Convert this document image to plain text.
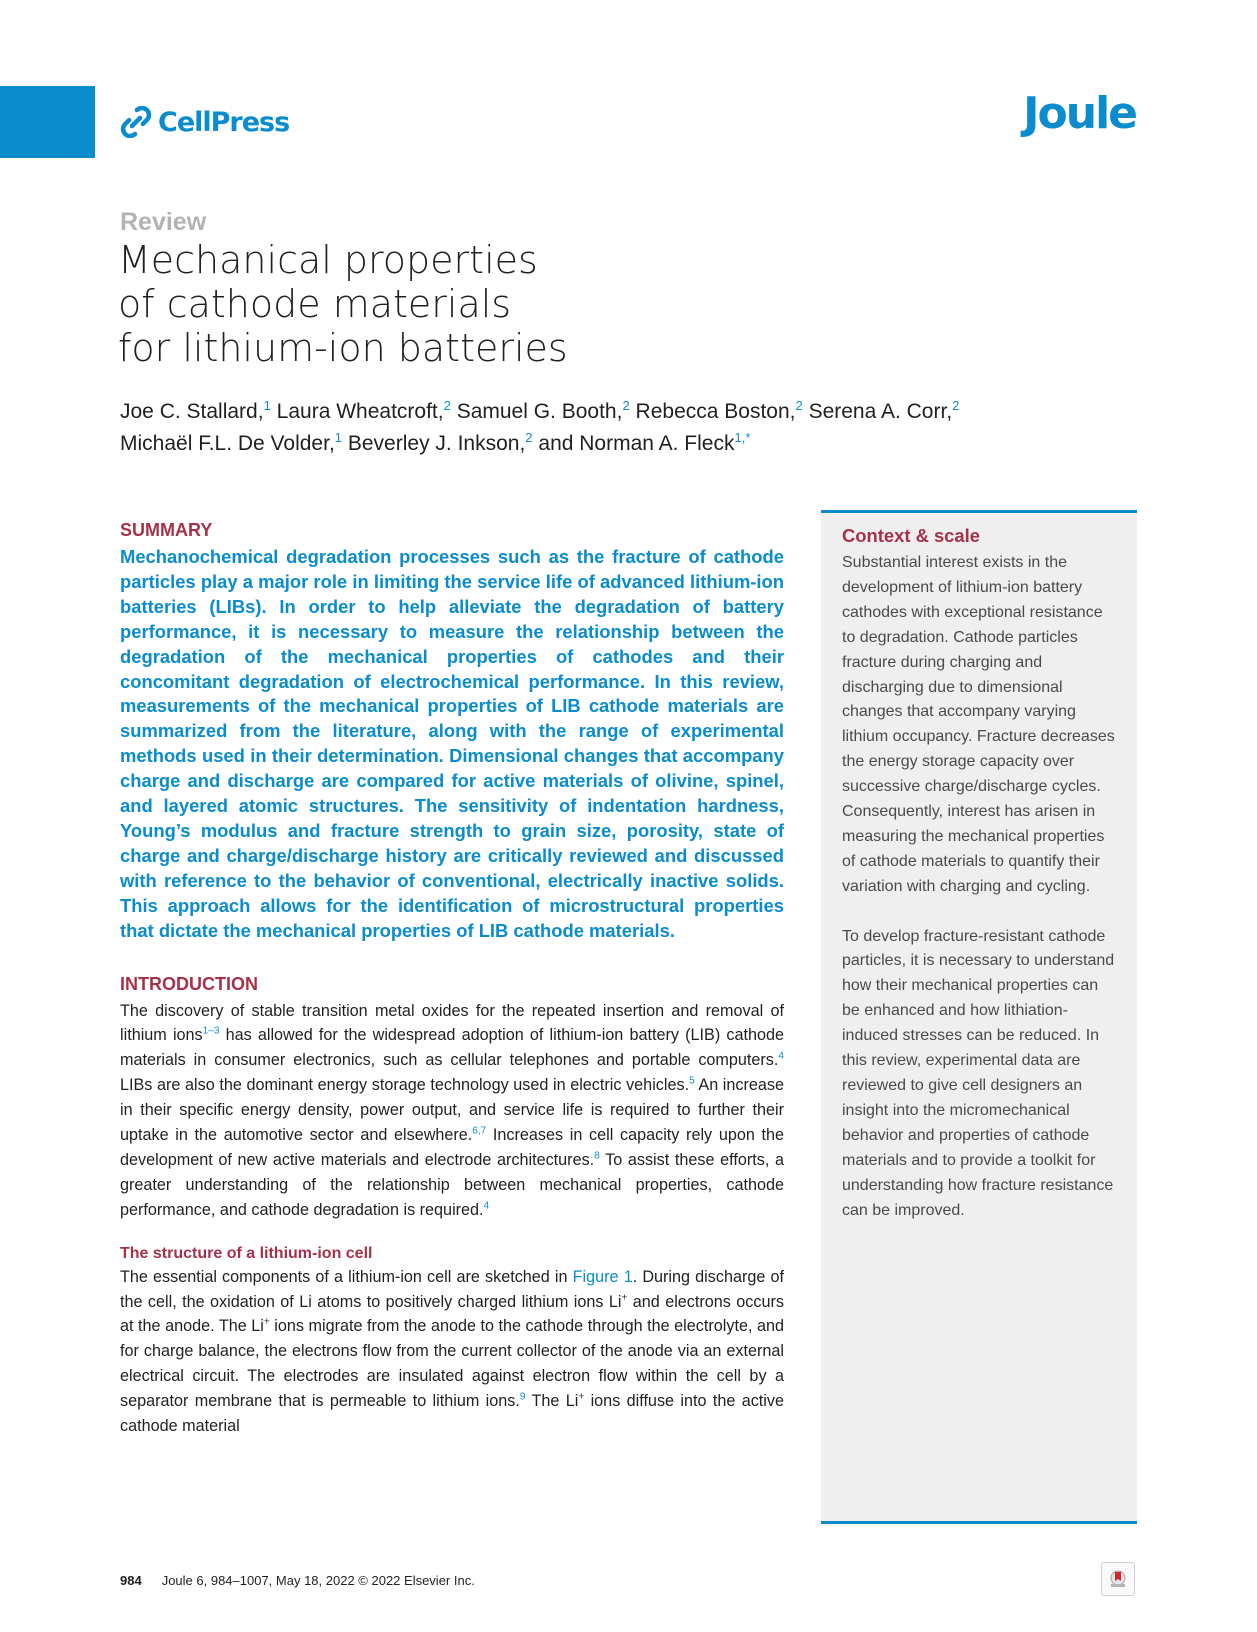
CellPress	Joule
Review
Mechanical properties
of cathode materials
for lithium-ion batteries
Joe C. Stallard,$^1$ Laura Wheatcroft,$^2$ Samuel G. Booth,$^2$ Rebecca Boston,$^2$ Serena A. Corr,$^2$
Michaël F.L. De Volder,$^1$ Beverley J. Inkson,$^2$ and Norman A. Fleck$^{1,*}$
SUMMARY

Mechanochemical degradation processes such as the fracture of cathode particles play a major role in limiting the service life of advanced lithium-ion batteries (LIBs). In order to help alleviate the degradation of battery performance, it is necessary to measure the relationship between the degradation of the mechanical properties of cathodes and their concomitant degradation of electrochemical performance. In this review, measurements of the mechanical properties of LIB cathode materials are summarized from the literature, along with the range of experimental methods used in their determination. Dimensional changes that accompany charge and discharge are compared for active materials of olivine, spinel, and layered atomic structures. The sensitivity of indentation hardness, Young’s modulus and fracture strength to grain size, porosity, state of charge and charge/discharge history are critically reviewed and discussed with reference to the behavior of conventional, electrically inactive solids. This approach allows for the identification of microstructural properties that dictate the mechanical properties of LIB cathode materials.

INTRODUCTION

The discovery of stable transition metal oxides for the repeated insertion and removal of lithium ions$^{1-3}$ has allowed for the widespread adoption of lithium-ion battery (LIB) cathode materials in consumer electronics, such as cellular telephones and portable computers.$^4$ LIBs are also the dominant energy storage technology used in electric vehicles.$^5$ An increase in their specific energy density, power output, and service life is required to further their uptake in the automotive sector and elsewhere.$^{6,7}$ Increases in cell capacity rely upon the development of new active materials and electrode architectures.$^8$ To assist these efforts, a greater understanding of the relationship between mechanical properties, cathode performance, and cathode degradation is required.$^4$

The structure of a lithium-ion cell

The essential components of a lithium-ion cell are sketched in Figure 1. During discharge of the cell, the oxidation of Li atoms to positively charged lithium ions Li+ and electrons occurs at the anode. The Li+ ions migrate from the anode to the cathode through the electrolyte, and for charge balance, the electrons flow from the current collector of the anode via an external electrical circuit. The electrodes are insulated against electron flow within the cell by a separator membrane that is permeable to lithium ions.$^9$ The Li+ ions diffuse into the active cathode material

Context & scale

Substantial interest exists in the development of lithium-ion battery cathodes with exceptional resistance to degradation. Cathode particles fracture during charging and discharging due to dimensional changes that accompany varying lithium occupancy. Fracture decreases the energy storage capacity over successive charge/discharge cycles. Consequently, interest has arisen in measuring the mechanical properties of cathode materials to quantify their variation with charging and cycling.

To develop fracture-resistant cathode particles, it is necessary to understand how their mechanical properties can be enhanced and how lithiation-induced stresses can be reduced. In this review, experimental data are reviewed to give cell designers an insight into the micromechanical behavior and properties of cathode materials and to provide a toolkit for understanding how fracture resistance can be improved.

984 Joule 6, 984–1007, May 18, 2022 © 2022 Elsevier Inc.
